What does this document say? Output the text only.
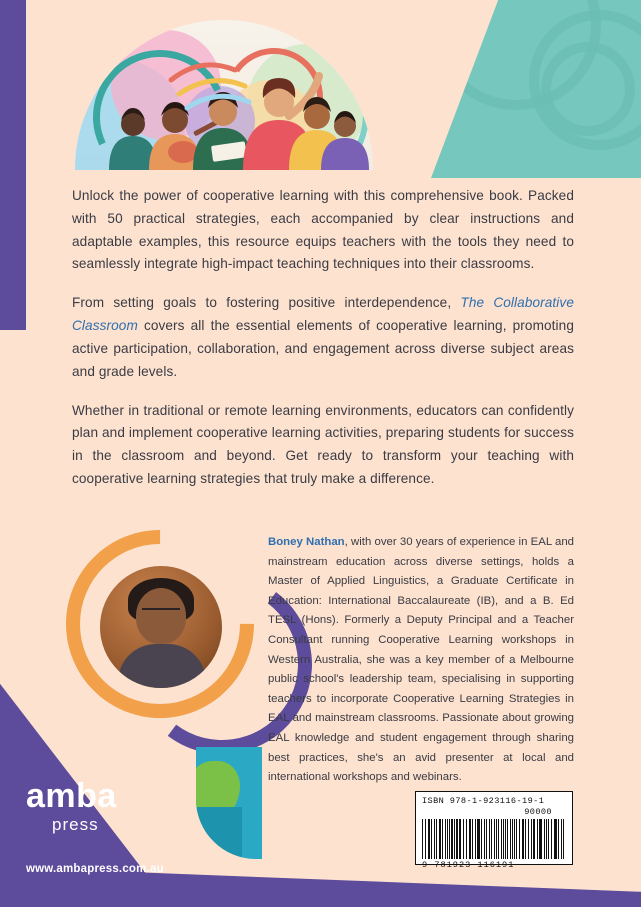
Unlock the power of cooperative learning with this comprehensive book. Packed with 50 practical strategies, each accompanied by clear instructions and adaptable examples, this resource equips teachers with the tools they need to seamlessly integrate high-impact teaching techniques into their classrooms.

From setting goals to fostering positive interdependence, The Collaborative Classroom covers all the essential elements of cooperative learning, promoting active participation, collaboration, and engagement across diverse subject areas and grade levels.

Whether in traditional or remote learning environments, educators can confidently plan and implement cooperative learning activities, preparing students for success in the classroom and beyond. Get ready to transform your teaching with cooperative learning strategies that truly make a difference.

Boney Nathan, with over 30 years of experience in EAL and mainstream education across diverse settings, holds a Master of Applied Linguistics, a Graduate Certificate in Education: International Baccalaureate (IB), and a B. Ed TESL (Hons). Formerly a Deputy Principal and a Teacher Consultant running Cooperative Learning workshops in Western Australia, she was a key member of a Melbourne public school's leadership team, specialising in supporting teachers to incorporate Cooperative Learning Strategies in EAL and mainstream classrooms. Passionate about growing EAL knowledge and student engagement through sharing best practices, she's an avid presenter at local and international workshops and webinars.
amba
press
www.ambapress.com.au
ISBN 978-1-923116-19-1
90000
9 781923 116191
